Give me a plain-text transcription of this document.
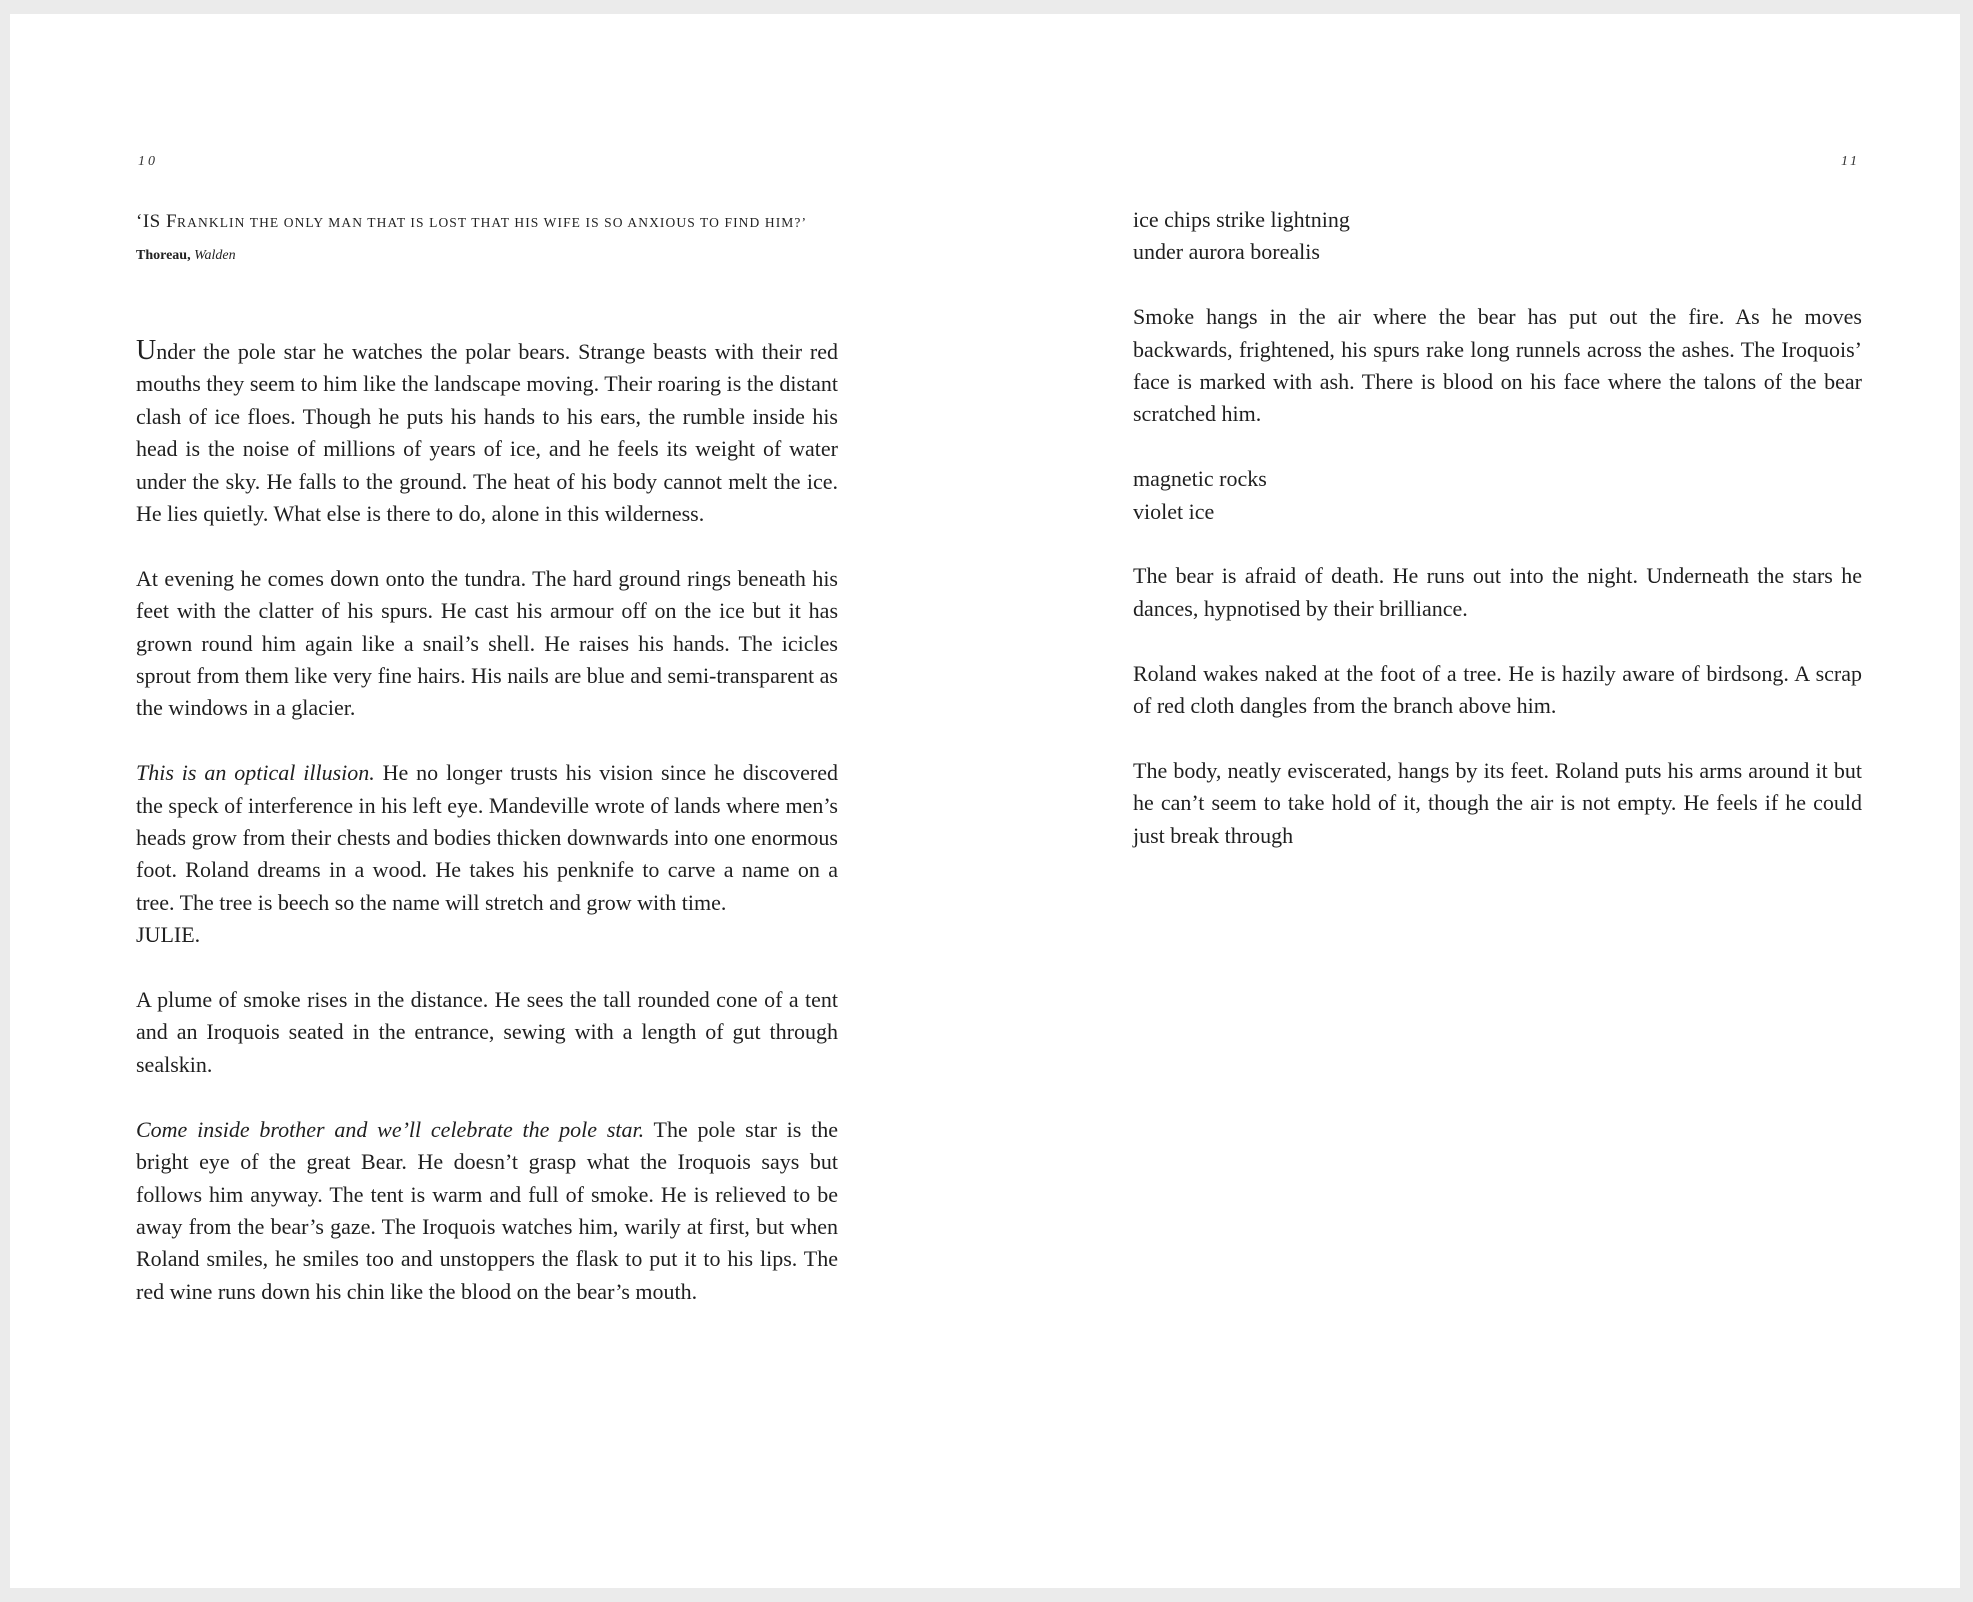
10
‘IS FRANKLIN THE ONLY MAN THAT IS LOST THAT HIS WIFE IS SO ANXIOUS TO FIND HIM?’
Thoreau, Walden

Under the pole star he watches the polar bears. Strange beasts with their red mouths they seem to him like the landscape moving. Their roaring is the distant clash of ice floes. Though he puts his hands to his ears, the rumble inside his head is the noise of millions of years of ice, and he feels its weight of water under the sky. He falls to the ground. The heat of his body cannot melt the ice. He lies quietly. What else is there to do, alone in this wilderness.

At evening he comes down onto the tundra. The hard ground rings beneath his feet with the clatter of his spurs. He cast his armour off on the ice but it has grown round him again like a snail’s shell. He raises his hands. The icicles sprout from them like very fine hairs. His nails are blue and semi-transparent as the windows in a glacier.

This is an optical illusion. He no longer trusts his vision since he discovered the speck of interference in his left eye. Mandeville wrote of lands where men’s heads grow from their chests and bodies thicken downwards into one enormous foot. Roland dreams in a wood. He takes his penknife to carve a name on a tree. The tree is beech so the name will stretch and grow with time.
JULIE.

A plume of smoke rises in the distance. He sees the tall rounded cone of a tent and an Iroquois seated in the entrance, sewing with a length of gut through sealskin.

Come inside brother and we’ll celebrate the pole star. The pole star is the bright eye of the great Bear. He doesn’t grasp what the Iroquois says but follows him anyway. The tent is warm and full of smoke. He is relieved to be away from the bear’s gaze. The Iroquois watches him, warily at first, but when Roland smiles, he smiles too and unstoppers the flask to put it to his lips. The red wine runs down his chin like the blood on the bear’s mouth.

11

ice chips strike lightning
under aurora borealis

Smoke hangs in the air where the bear has put out the fire. As he moves backwards, frightened, his spurs rake long runnels across the ashes. The Iroquois’ face is marked with ash. There is blood on his face where the talons of the bear scratched him.

magnetic rocks
violet ice

The bear is afraid of death. He runs out into the night. Underneath the stars he dances, hypnotised by their brilliance.

Roland wakes naked at the foot of a tree. He is hazily aware of birdsong. A scrap of red cloth dangles from the branch above him.

The body, neatly eviscerated, hangs by its feet. Roland puts his arms around it but he can’t seem to take hold of it, though the air is not empty. He feels if he could just break through
